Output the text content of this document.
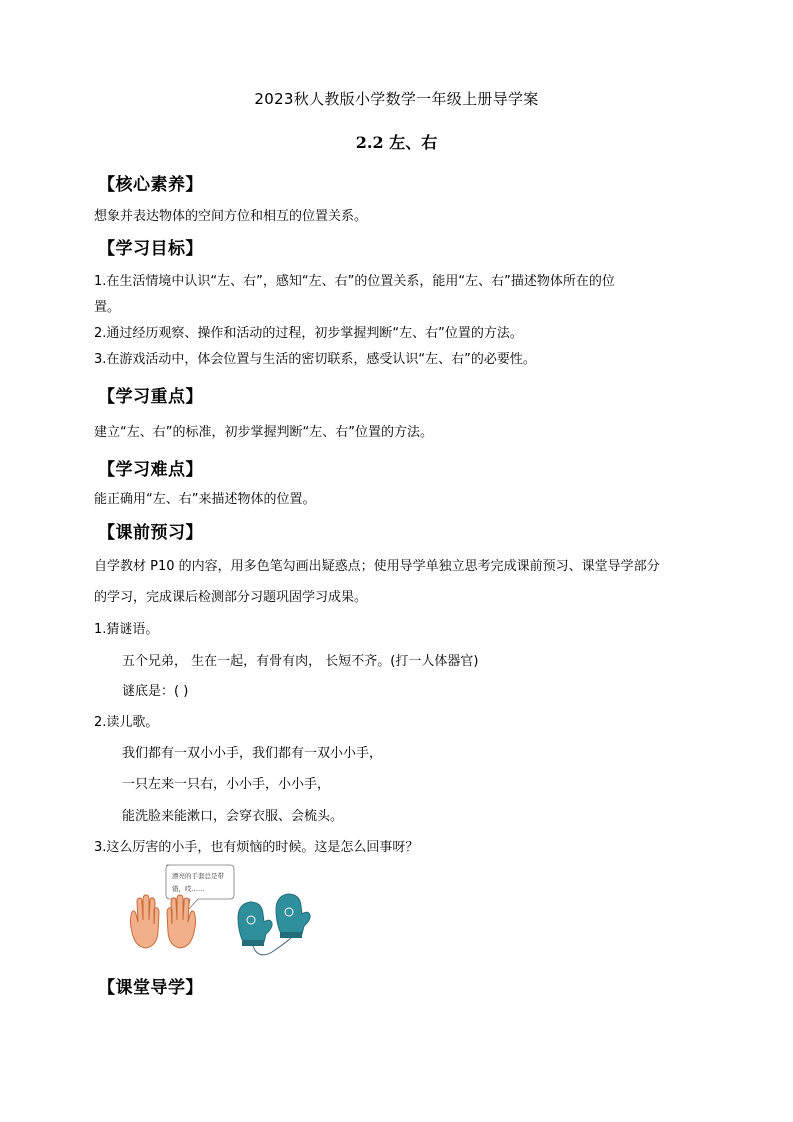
2023秋人教版小学数学一年级上册导学案
2.2 左、右
【核心素养】
想象并表达物体的空间方位和相互的位置关系。
【学习目标】
1.在生活情境中认识“左、右”，感知“左、右”的位置关系，能用“左、右”描述物体所在的位
置。
2.通过经历观察、操作和活动的过程，初步掌握判断“左、右”位置的方法。
3.在游戏活动中，体会位置与生活的密切联系，感受认识“左、右”的必要性。
【学习重点】
建立“左、右”的标准，初步掌握判断“左、右”位置的方法。
【学习难点】
能正确用“左、右”来描述物体的位置。
【课前预习】
自学教材 P10 的内容，用多色笔勾画出疑惑点；使用导学单独立思考完成课前预习、课堂导学部分
的学习，完成课后检测部分习题巩固学习成果。
1.猜谜语。
五个兄弟， 生在一起，有骨有肉， 长短不齐。(打一人体器官)
谜底是：( )
2.读儿歌。
我们都有一双小小手，我们都有一双小小手，
一只左来一只右，小小手，小小手，
能洗脸来能漱口，会穿衣服、会梳头。
3.这么厉害的小手，也有烦恼的时候。这是怎么回事呀？
漂亮的手套总是带
错，哎……
【课堂导学】
